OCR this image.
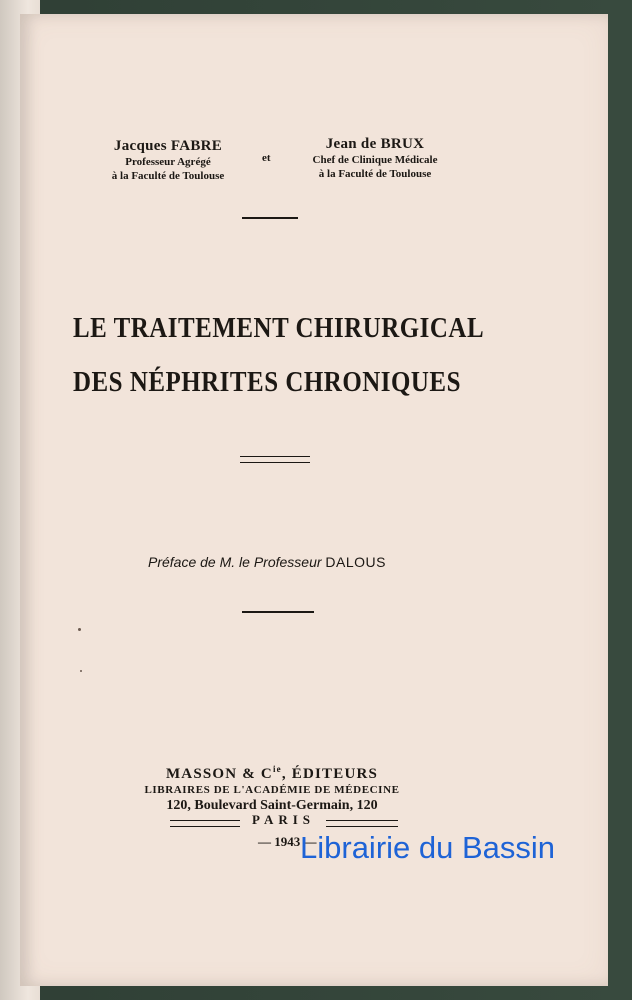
Jacques FABRE
Professeur Agrégé
à la Faculté de Toulouse
et
Jean de BRUX
Chef de Clinique Médicale
à la Faculté de Toulouse
LE TRAITEMENT CHIRURGICAL
DES NÉPHRITES CHRONIQUES
Préface de M. le Professeur DALOUS
MASSON & $C^{ie}$, ÉDITEURS
LIBRAIRES DE L'ACADÉMIE DE MÉDECINE
120, Boulevard Saint-Germain, 120
PARIS
— 1943 —
Librairie du Bassin
